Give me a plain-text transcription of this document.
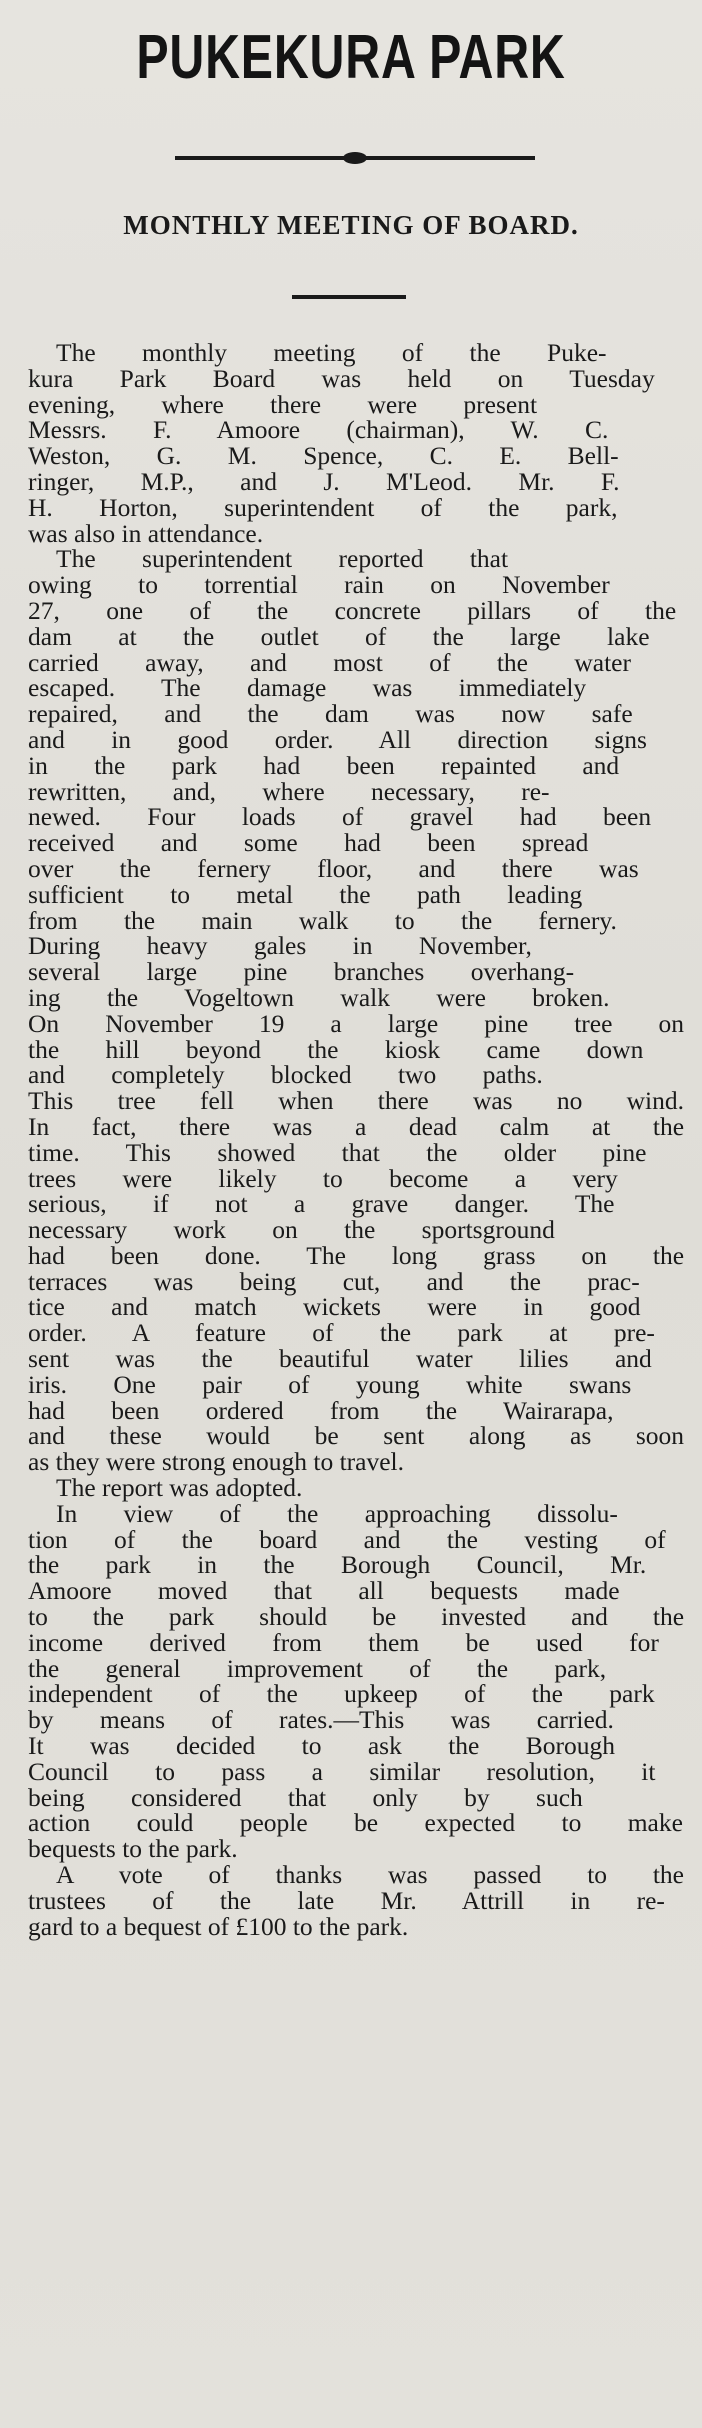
PUKEKURA PARK
MONTHLY MEETING OF BOARD.
The monthly meeting of the Puke-
kura Park Board was held on Tuesday
evening, where there were present
Messrs. F. Amoore (chairman), W. C.
Weston, G. M. Spence, C. E. Bell-
ringer, M.P., and J. M'Leod. Mr. F.
H. Horton, superintendent of the park,
was also in attendance.
The superintendent reported that
owing to torrential rain on November
27, one of the concrete pillars of the
dam at the outlet of the large lake
carried away, and most of the water
escaped. The damage was immediately
repaired, and the dam was now safe
and in good order. All direction signs
in the park had been repainted and
rewritten, and, where necessary, re-
newed. Four loads of gravel had been
received and some had been spread
over the fernery floor, and there was
sufficient to metal the path leading
from the main walk to the fernery.
During heavy gales in November,
several large pine branches overhang-
ing the Vogeltown walk were broken.
On November 19 a large pine tree on
the hill beyond the kiosk came down
and completely blocked two paths.
This tree fell when there was no wind.
In fact, there was a dead calm at the
time. This showed that the older pine
trees were likely to become a very
serious, if not a grave danger. The
necessary work on the sportsground
had been done. The long grass on the
terraces was being cut, and the prac-
tice and match wickets were in good
order. A feature of the park at pre-
sent was the beautiful water lilies and
iris. One pair of young white swans
had been ordered from the Wairarapa,
and these would be sent along as soon
as they were strong enough to travel.
The report was adopted.
In view of the approaching dissolu-
tion of the board and the vesting of
the park in the Borough Council, Mr.
Amoore moved that all bequests made
to the park should be invested and the
income derived from them be used for
the general improvement of the park,
independent of the upkeep of the park
by means of rates.—This was carried.
It was decided to ask the Borough
Council to pass a similar resolution, it
being considered that only by such
action could people be expected to make
bequests to the park.
A vote of thanks was passed to the
trustees of the late Mr. Attrill in re-
gard to a bequest of £100 to the park.
